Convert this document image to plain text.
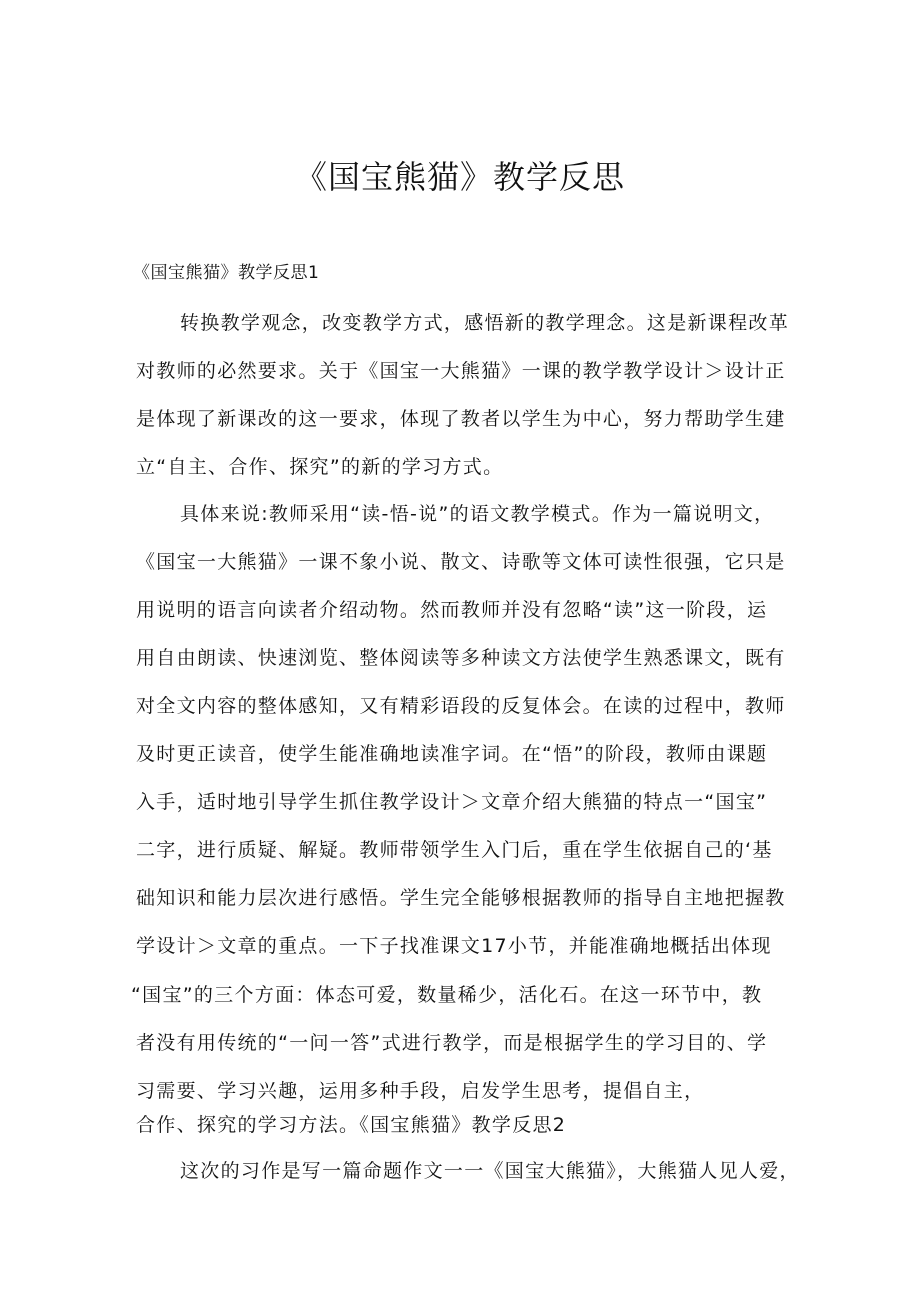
《国宝熊猫》教学反思
《国宝熊猫》教学反思1
转换教学观念，改变教学方式，感悟新的教学理念。这是新课程改革
对教师的必然要求。关于《国宝一大熊猫》一课的教学教学设计＞设计正
是体现了新课改的这一要求，体现了教者以学生为中心，努力帮助学生建
立“自主、合作、探究”的新的学习方式。
具体来说:教师采用“读-悟-说”的语文教学模式。作为一篇说明文，
《国宝一大熊猫》一课不象小说、散文、诗歌等文体可读性很强，它只是
用说明的语言向读者介绍动物。然而教师并没有忽略“读”这一阶段，运
用自由朗读、快速浏览、整体阅读等多种读文方法使学生熟悉课文，既有
对全文内容的整体感知，又有精彩语段的反复体会。在读的过程中，教师
及时更正读音，使学生能准确地读准字词。在“悟”的阶段，教师由课题
入手，适时地引导学生抓住教学设计＞文章介绍大熊猫的特点一“国宝”
二字，进行质疑、解疑。教师带领学生入门后，重在学生依据自己的‘基
础知识和能力层次进行感悟。学生完全能够根据教师的指导自主地把握教
学设计＞文章的重点。一下子找准课文17小节，并能准确地概括出体现
“国宝”的三个方面：体态可爱，数量稀少，活化石。在这一环节中，教
者没有用传统的“一问一答”式进行教学，而是根据学生的学习目的、学
习需要、学习兴趣，运用多种手段，启发学生思考，提倡自主，
合作、探究的学习方法。《国宝熊猫》教学反思2
这次的习作是写一篇命题作文一一《国宝大熊猫》，大熊猫人见人爱，
